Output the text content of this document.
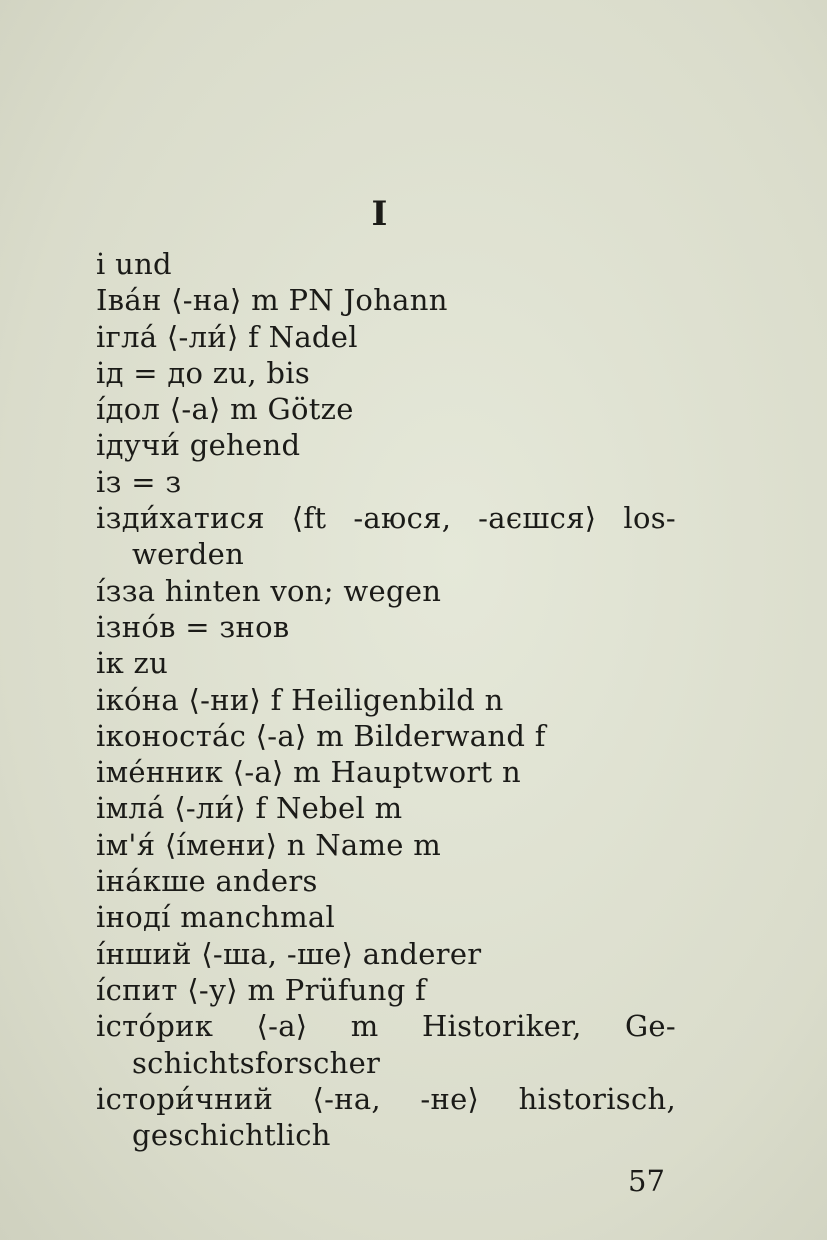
I
i und
Іва́н ⟨-на⟩ m PN Johann
ігла́ ⟨-ли́⟩ f Nadel
ід = до zu, bis
і́дол ⟨-а⟩ m Götze
ідучи́ gehend
із = з
ізди́хатися ⟨ft -аюся, -аєшся⟩ los-
werden
і́зза hinten von; wegen
ізно́в = знов
ік zu
іко́на ⟨-ни⟩ f Heiligenbild n
іконоста́с ⟨-а⟩ m Bilderwand f
іме́нник ⟨-а⟩ m Hauptwort n
імла́ ⟨-ли́⟩ f Nebel m
ім'я́ ⟨і́мени⟩ n Name m
іна́кше anders
іноді́ manchmal
і́нший ⟨-ша, -ше⟩ anderer
і́спит ⟨-у⟩ m Prüfung f
істо́рик ⟨-а⟩ m Historiker, Ge-
schichtsforscher
істори́чний ⟨-на, -не⟩ historisch,
geschichtlich
57
